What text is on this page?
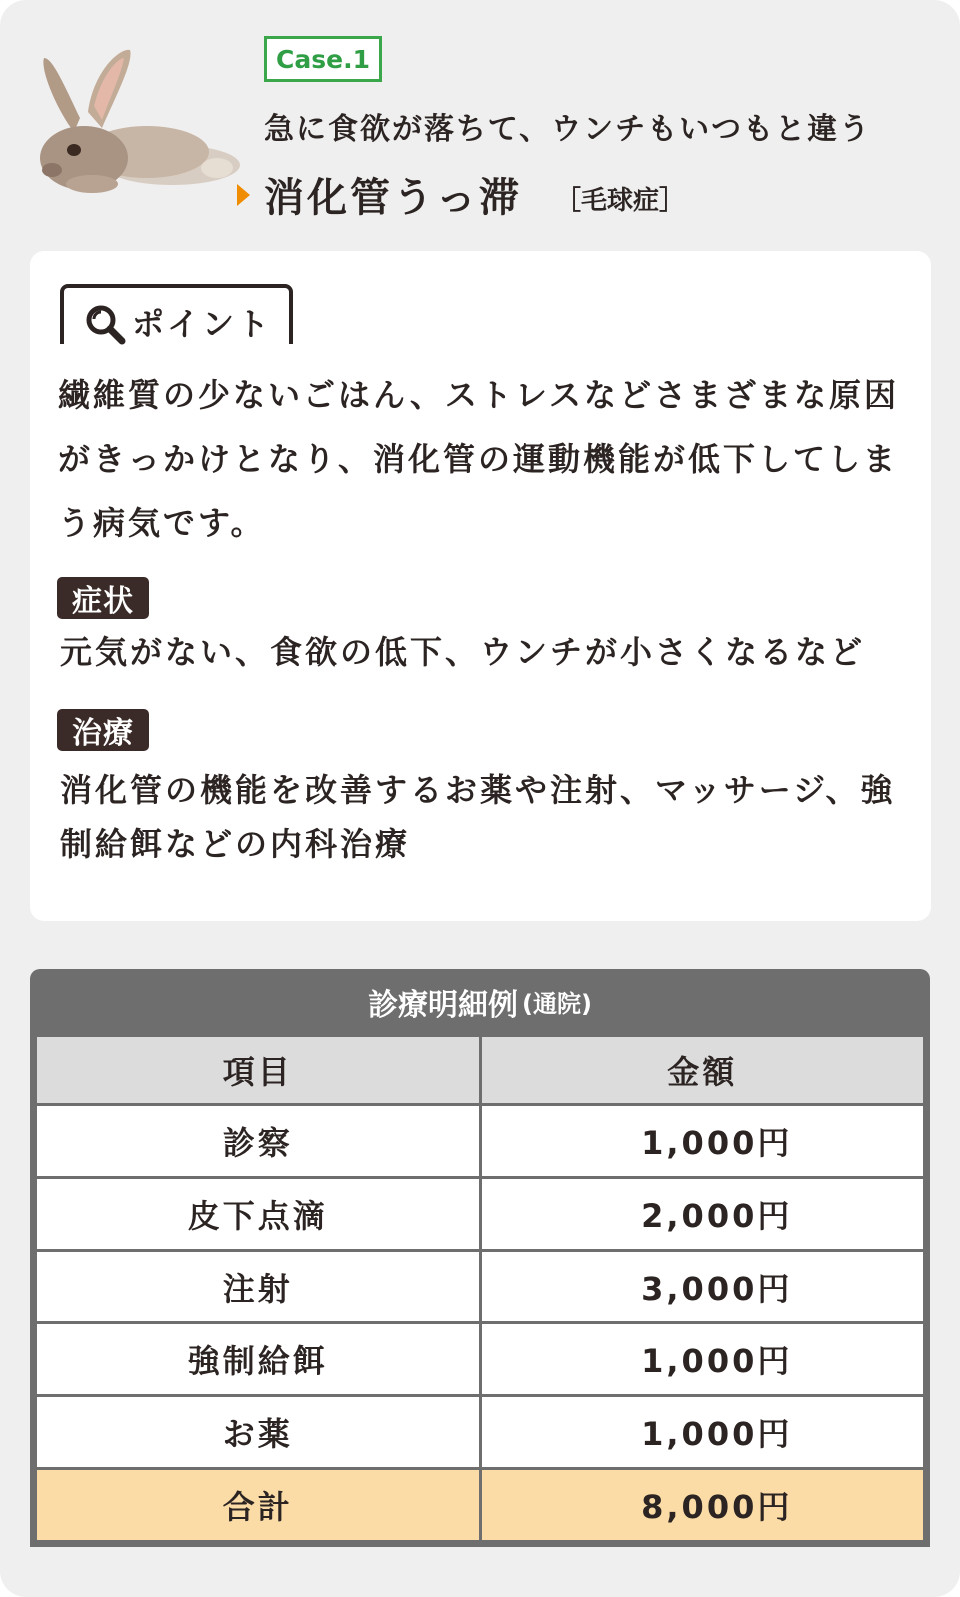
Case.1
急に食欲が落ちて、ウンチもいつもと違う
消化管うっ滞 ［毛球症］
ポイント
繊維質の少ないごはん、ストレスなどさまざまな原因がきっかけとなり、消化管の運動機能が低下してしまう病気です。
症状
元気がない、食欲の低下、ウンチが小さくなるなど
治療
消化管の機能を改善するお薬や注射、マッサージ、強制給餌などの内科治療
診療明細例 (通院)
項目	金額
診察	1,000円
皮下点滴	2,000円
注射	3,000円
強制給餌	1,000円
お薬	1,000円
合計	8,000円
